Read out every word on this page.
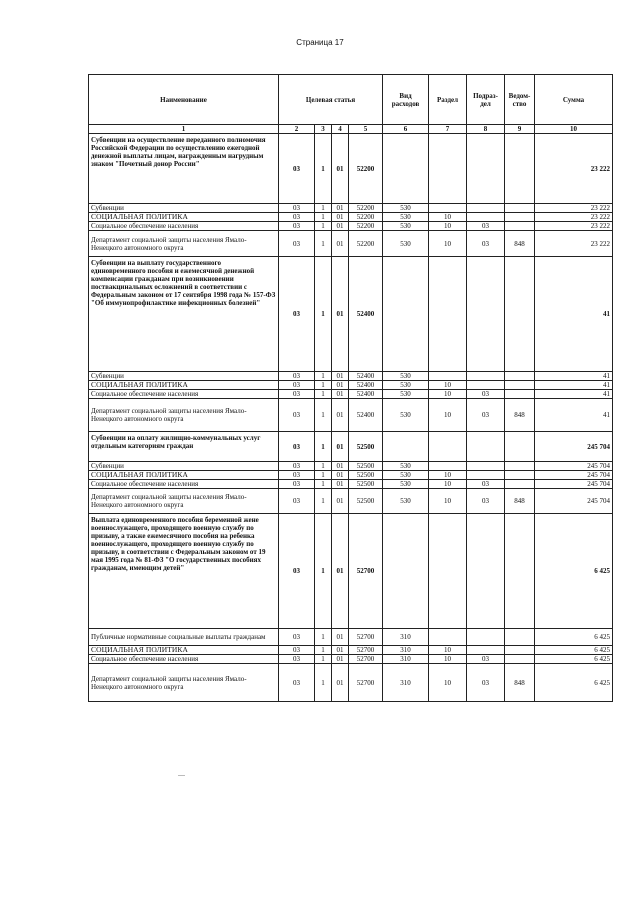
Страница 17
Наименование	Целевая статья				Вид расходов	Раздел	Подраз-дел	Ведом-ство	Сумма
1	2	3	4	5	6	7	8	9	10
Субвенции на осуществление переданного полномочия Российской Федерации по осуществлению ежегодной денежной выплаты лицам, награжденным нагрудным знаком "Почетный донор России"	03	1	01	52200					23 222
Субвенции	03	1	01	52200	530				23 222
СОЦИАЛЬНАЯ ПОЛИТИКА	03	1	01	52200	530	10			23 222
Социальное обеспечение населения	03	1	01	52200	530	10	03		23 222
Департамент социальной защиты населения Ямало-Ненецкого автономного округа	03	1	01	52200	530	10	03	848	23 222
Субвенции на выплату государственного единовременного пособия и ежемесячной денежной компенсации гражданам при возникновении поствакцинальных осложнений в соответствии с Федеральным законом от 17 сентября 1998 года № 157-ФЗ "Об иммунопрофилактике инфекционных болезней"	03	1	01	52400					41
Субвенции	03	1	01	52400	530				41
СОЦИАЛЬНАЯ ПОЛИТИКА	03	1	01	52400	530	10			41
Социальное обеспечение населения	03	1	01	52400	530	10	03		41
Департамент социальной защиты населения Ямало-Ненецкого автономного округа	03	1	01	52400	530	10	03	848	41
Субвенции на оплату жилищно-коммунальных услуг отдельным категориям граждан	03	1	01	52500					245 704
Субвенции	03	1	01	52500	530				245 704
СОЦИАЛЬНАЯ ПОЛИТИКА	03	1	01	52500	530	10			245 704
Социальное обеспечение населения	03	1	01	52500	530	10	03		245 704
Департамент социальной защиты населения Ямало-Ненецкого автономного округа	03	1	01	52500	530	10	03	848	245 704
Выплата единовременного пособия беременной жене военнослужащего, проходящего военную службу по призыву, а также ежемесячного пособия на ребенка военнослужащего, проходящего военную службу по призыву, в соответствии с Федеральным законом от 19 мая 1995 года № 81-ФЗ "О государственных пособиях гражданам, имеющим детей"	03	1	01	52700					6 425
Публичные нормативные социальные выплаты гражданам	03	1	01	52700	310				6 425
СОЦИАЛЬНАЯ ПОЛИТИКА	03	1	01	52700	310	10			6 425
Социальное обеспечение населения	03	1	01	52700	310	10	03		6 425
Департамент социальной защиты населения Ямало-Ненецкого автономного округа	03	1	01	52700	310	10	03	848	6 425
